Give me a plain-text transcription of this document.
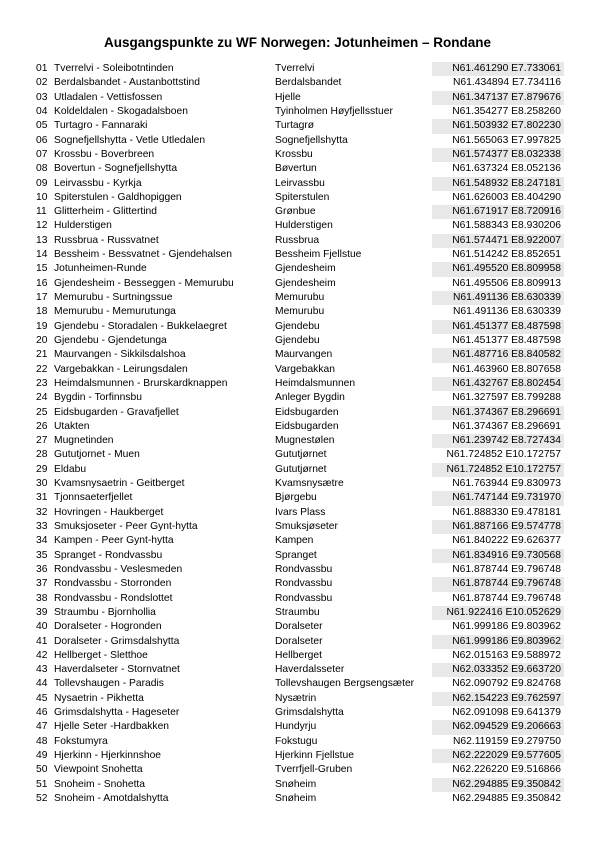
Ausgangspunkte zu WF Norwegen: Jotunheimen – Rondane
01	Tverrelvi - Soleibotntinden	Tverrelvi	N61.461290 E7.733061
02	Berdalsbandet - Austanbottstind	Berdalsbandet	N61.434894 E7.734116
03	Utladalen - Vettisfossen	Hjelle	N61.347137 E7.879676
04	Koldeldalen - Skogadalsboen	Tyinholmen Høyfjellsstuer	N61.354277 E8.258260
05	Turtagro - Fannaraki	Turtagrø	N61.503932 E7.802230
06	Sognefjellshytta - Vetle Utledalen	Sognefjellshytta	N61.565063 E7.997825
07	Krossbu - Boverbreen	Krossbu	N61.574377 E8.032338
08	Bovertun - Sognefjellshytta	Bøvertun	N61.637324 E8.052136
09	Leirvassbu - Kyrkja	Leirvassbu	N61.548932 E8.247181
10	Spiterstulen - Galdhopiggen	Spiterstulen	N61.626003 E8.404290
11	Glitterheim - Glittertind	Grønbue	N61.671917 E8.720916
12	Hulderstigen	Hulderstigen	N61.588343 E8.930206
13	Russbrua - Russvatnet	Russbrua	N61.574471 E8.922007
14	Bessheim - Bessvatnet - Gjendehalsen	Bessheim Fjellstue	N61.514242 E8.852651
15	Jotunheimen-Runde	Gjendesheim	N61.495520 E8.809958
16	Gjendesheim - Besseggen - Memurubu	Gjendesheim	N61.495506 E8.809913
17	Memurubu - Surtningssue	Memurubu	N61.491136 E8.630339
18	Memurubu - Memurutunga	Memurubu	N61.491136 E8.630339
19	Gjendebu - Storadalen - Bukkelaegret	Gjendebu	N61.451377 E8.487598
20	Gjendebu - Gjendetunga	Gjendebu	N61.451377 E8.487598
21	Maurvangen - Sikkilsdalshoa	Maurvangen	N61.487716 E8.840582
22	Vargebakkan - Leirungsdalen	Vargebakkan	N61.463960 E8.807658
23	Heimdalsmunnen - Brurskardknappen	Heimdalsmunnen	N61.432767 E8.802454
24	Bygdin - Torfinnsbu	Anleger Bygdin	N61.327597 E8.799288
25	Eidsbugarden - Gravafjellet	Eidsbugarden	N61.374367 E8.296691
26	Utakten	Eidsbugarden	N61.374367 E8.296691
27	Mugnetinden	Mugnestølen	N61.239742 E8.727434
28	Gututjornet - Muen	Gututjørnet	N61.724852 E10.172757
29	Eldabu	Gututjørnet	N61.724852 E10.172757
30	Kvamsnysaetrin - Geitberget	Kvamsnysætre	N61.763944 E9.830973
31	Tjonnsaeterfjellet	Bjørgebu	N61.747144 E9.731970
32	Hovringen - Haukberget	Ivars Plass	N61.888330 E9.478181
33	Smuksjoseter - Peer Gynt-hytta	Smuksjøseter	N61.887166 E9.574778
34	Kampen - Peer Gynt-hytta	Kampen	N61.840222 E9.626377
35	Spranget - Rondvassbu	Spranget	N61.834916 E9.730568
36	Rondvassbu - Veslesmeden	Rondvassbu	N61.878744 E9.796748
37	Rondvassbu - Storronden	Rondvassbu	N61.878744 E9.796748
38	Rondvassbu - Rondslottet	Rondvassbu	N61.878744 E9.796748
39	Straumbu - Bjornhollia	Straumbu	N61.922416 E10.052629
40	Doralseter - Hogronden	Doralseter	N61.999186 E9.803962
41	Doralseter - Grimsdalshytta	Doralseter	N61.999186 E9.803962
42	Hellberget - Sletthoe	Hellberget	N62.015163 E9.588972
43	Haverdalseter - Stornvatnet	Haverdalsseter	N62.033352 E9.663720
44	Tollevshaugen - Paradis	Tollevshaugen Bergsengsæter	N62.090792 E9.824768
45	Nysaetrin - Pikhetta	Nysætrin	N62.154223 E9.762597
46	Grimsdalshytta - Hageseter	Grimsdalshytta	N62.091098 E9.641379
47	Hjelle Seter -Hardbakken	Hundyrju	N62.094529 E9.206663
48	Fokstumyra	Fokstugu	N62.119159 E9.279750
49	Hjerkinn - Hjerkinnshoe	Hjerkinn Fjellstue	N62.222029 E9.577605
50	Viewpoint Snohetta	Tverrfjell-Gruben	N62.226220 E9.516866
51	Snoheim - Snohetta	Snøheim	N62.294885 E9.350842
52	Snoheim - Amotdalshytta	Snøheim	N62.294885 E9.350842
